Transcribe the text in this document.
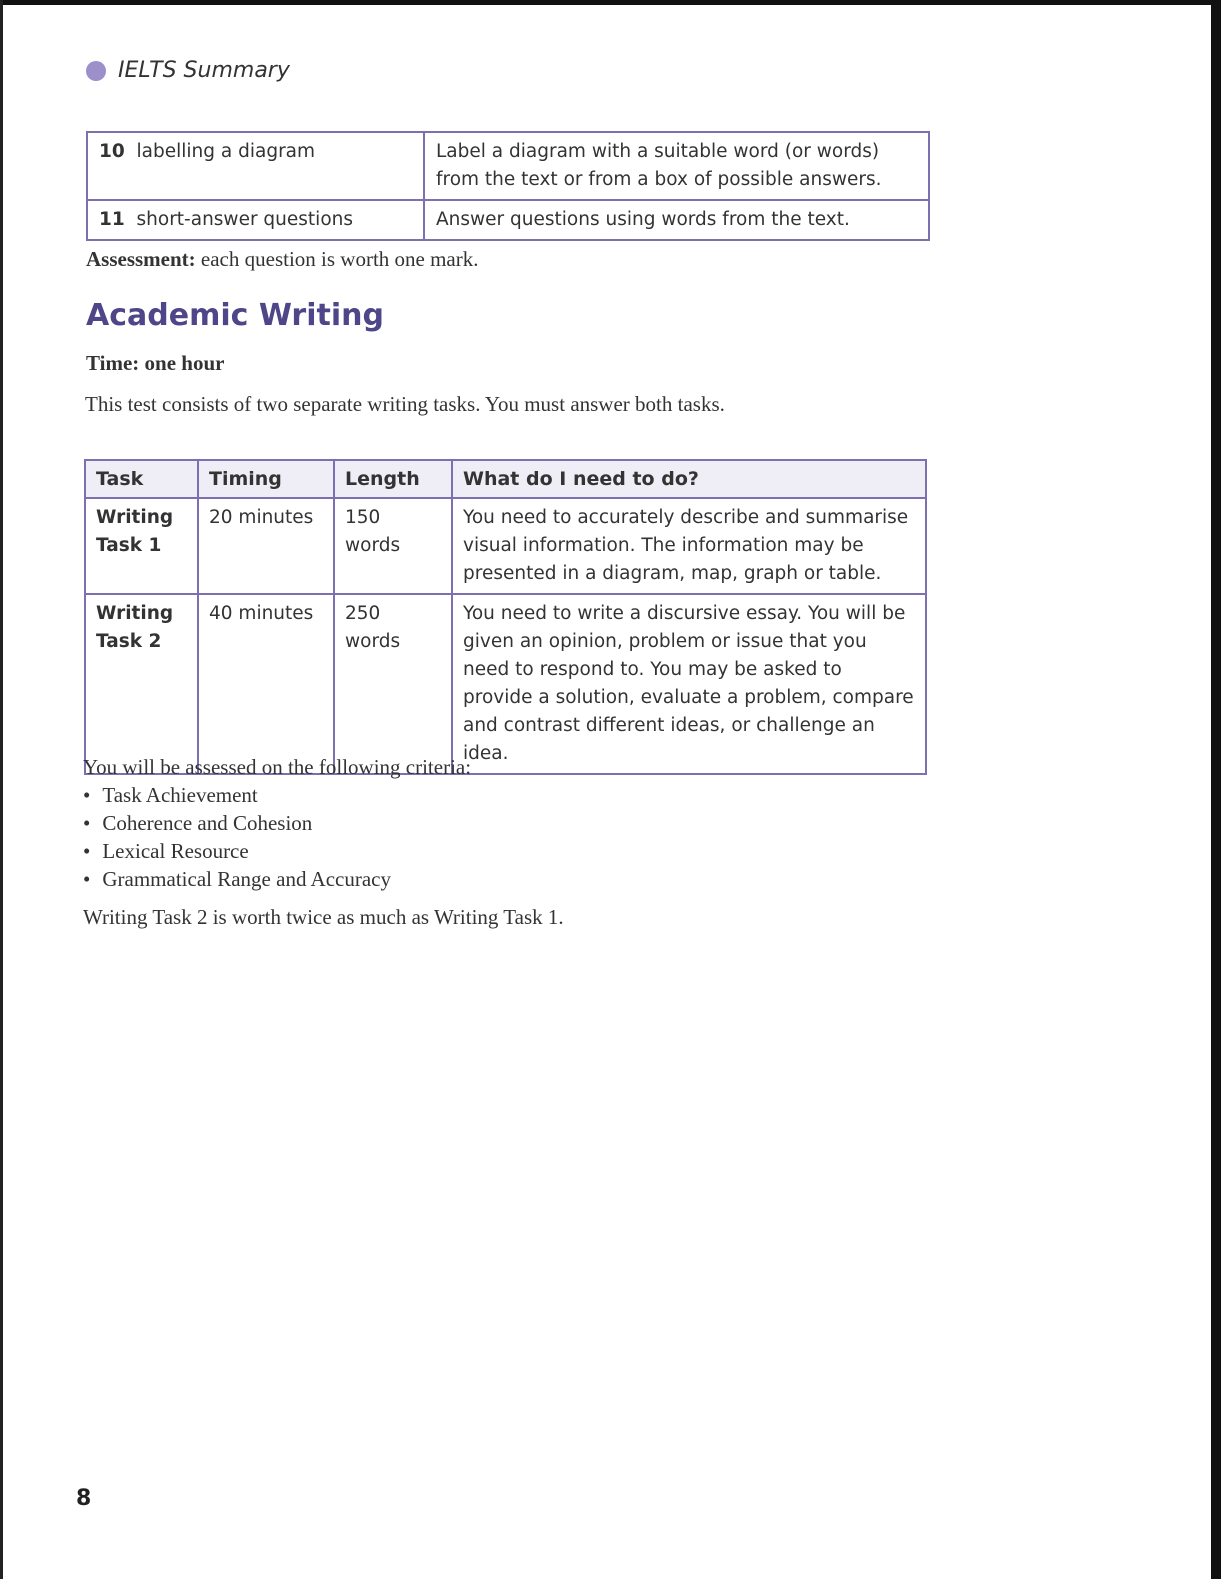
IELTS Summary
10 labelling a diagram	Label a diagram with a suitable word (or words) from the text or from a box of possible answers.
11 short-answer questions	Answer questions using words from the text.
Assessment: each question is worth one mark.
Academic Writing
Time: one hour
This test consists of two separate writing tasks. You must answer both tasks.
Task	Timing	Length	What do I need to do?
Writing Task 1	20 minutes	150 words	You need to accurately describe and summarise visual information. The information may be presented in a diagram, map, graph or table.
Writing Task 2	40 minutes	250 words	You need to write a discursive essay. You will be given an opinion, problem or issue that you need to respond to. You may be asked to provide a solution, evaluate a problem, compare and contrast different ideas, or challenge an idea.
You will be assessed on the following criteria:
• Task Achievement
• Coherence and Cohesion
• Lexical Resource
• Grammatical Range and Accuracy
Writing Task 2 is worth twice as much as Writing Task 1.
8
